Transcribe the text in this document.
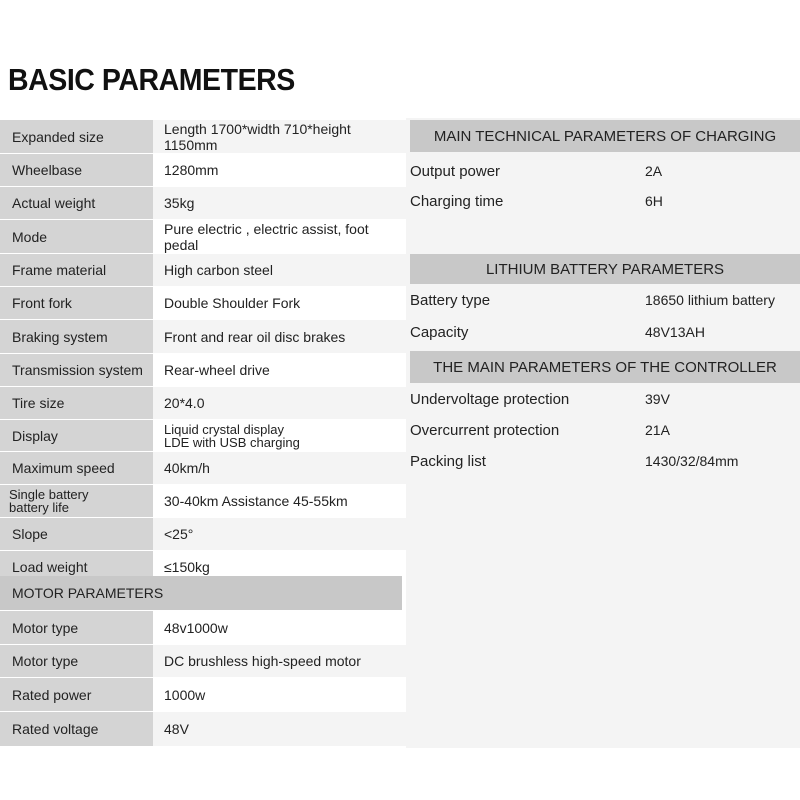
BASIC PARAMETERS
Expanded size	Length 1700*width 710*height 1150mm
Wheelbase	1280mm
Actual weight	35kg
Mode	Pure electric , electric assist, foot pedal
Frame material	High carbon steel
Front fork	Double Shoulder Fork
Braking system	Front and rear oil disc brakes
Transmission system	Rear-wheel drive
Tire size	20*4.0
Display	Liquid crystal display
LDE with USB charging
Maximum speed	40km/h
Single battery
battery life	30-40km Assistance 45-55km
Slope	<25°
Load weight	≤150kg
MOTOR PARAMETERS
Motor type	48v1000w
Motor type	DC brushless high-speed motor
Rated power	1000w
Rated voltage	48V
MAIN TECHNICAL PARAMETERS OF CHARGING
Output power	2A
Charging time	6H
LITHIUM BATTERY PARAMETERS
Battery type	18650 lithium battery
Capacity	48V13AH
THE MAIN PARAMETERS OF THE CONTROLLER
Undervoltage protection	39V
Overcurrent protection	21A
Packing list	1430/32/84mm
